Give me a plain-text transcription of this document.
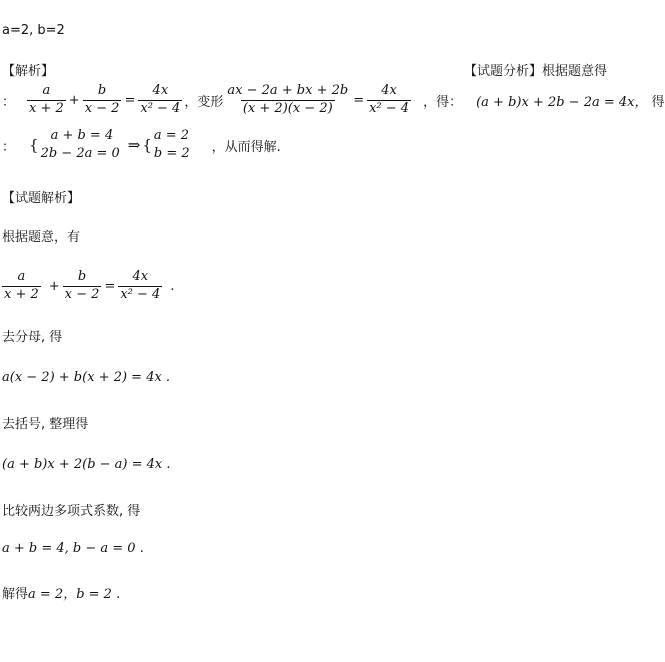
a=2, b=2
【解析】	【试题分析】根据题意得
： $\frac{a}{x + 2} + \frac{b}{x - 2} = \frac{4x}{\text{x² − 4}}$ ，变形 $\frac{ax - 2a + bx + 2b}{(x + 2)(x - 2)} = \frac{4x}{\text{x² − 4}}$ ，得： (a + b)x + 2b − 2a = 4x， 得
： {
a + b = 4
2b − 2a = 0 ⇒ {
a = 2
b = 2 ，从而得解.
【试题解析】
根据题意，有
$\frac{a}{x + 2} + \frac{b}{x - 2} = \frac{4x}{\text{x² − 4}}$ .
去分母, 得
a(x − 2) + b(x + 2) = 4x .
去括号, 整理得
(a + b)x + 2(b − a) = 4x .
比较两边多项式系数, 得
a + b = 4, b − a = 0 .
解得a = 2，b = 2 .
